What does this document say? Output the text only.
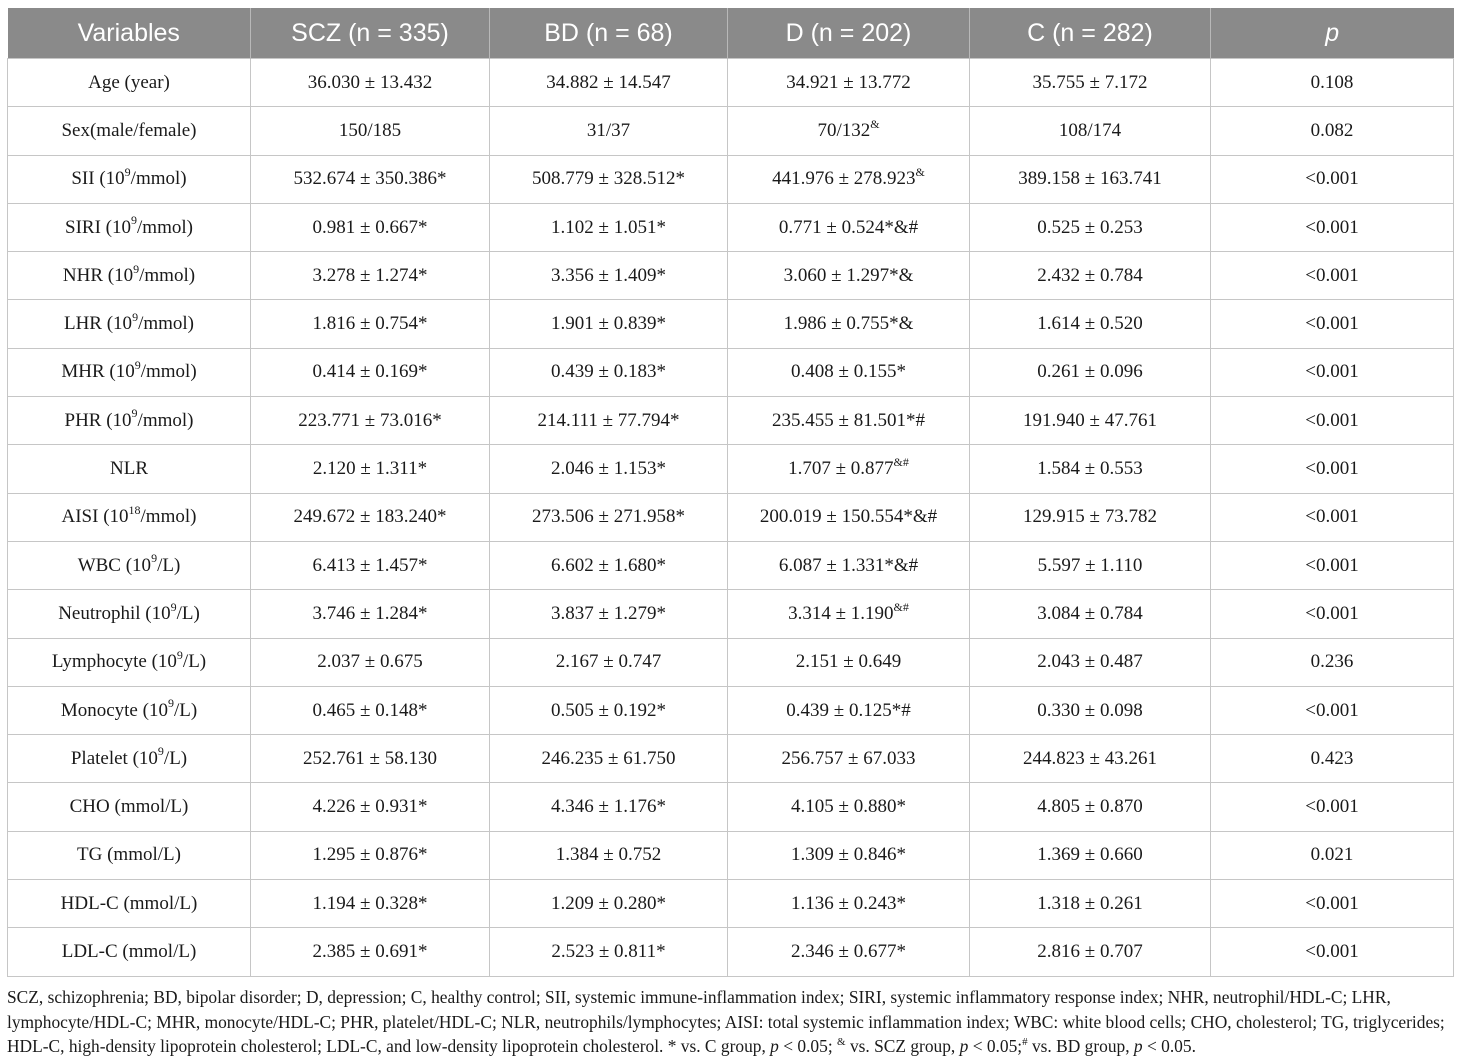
Variables	SCZ (n = 335)	BD (n = 68)	D (n = 202)	C (n = 282)	p
Age (year)	36.030 ± 13.432	34.882 ± 14.547	34.921 ± 13.772	35.755 ± 7.172	0.108
Sex(male/female)	150/185	31/37	70/132&	108/174	0.082
SII $(10^9/mmol)$	532.674 ± 350.386*	508.779 ± 328.512*	441.976 ± 278.923&	389.158 ± 163.741	<0.001
SIRI $(10^9/mmol)$	0.981 ± 0.667*	1.102 ± 1.051*	0.771 ± 0.524*&#	0.525 ± 0.253	<0.001
NHR $(10^9/mmol)$	3.278 ± 1.274*	3.356 ± 1.409*	3.060 ± 1.297*&	2.432 ± 0.784	<0.001
LHR $(10^9/mmol)$	1.816 ± 0.754*	1.901 ± 0.839*	1.986 ± 0.755*&	1.614 ± 0.520	<0.001
MHR $(10^9/mmol)$	0.414 ± 0.169*	0.439 ± 0.183*	0.408 ± 0.155*	0.261 ± 0.096	<0.001
PHR $(10^9/mmol)$	223.771 ± 73.016*	214.111 ± 77.794*	235.455 ± 81.501*#	191.940 ± 47.761	<0.001
NLR	2.120 ± 1.311*	2.046 ± 1.153*	1.707 ± 0.877&#	1.584 ± 0.553	<0.001
AISI $(10^{18}/mmol)$	249.672 ± 183.240*	273.506 ± 271.958*	200.019 ± 150.554*&#	129.915 ± 73.782	<0.001
WBC $(10^9/L)$	6.413 ± 1.457*	6.602 ± 1.680*	6.087 ± 1.331*&#	5.597 ± 1.110	<0.001
Neutrophil $(10^9/L)$	3.746 ± 1.284*	3.837 ± 1.279*	3.314 ± 1.190&#	3.084 ± 0.784	<0.001
Lymphocyte $(10^9/L)$	2.037 ± 0.675	2.167 ± 0.747	2.151 ± 0.649	2.043 ± 0.487	0.236
Monocyte $(10^9/L)$	0.465 ± 0.148*	0.505 ± 0.192*	0.439 ± 0.125*#	0.330 ± 0.098	<0.001
Platelet $(10^9/L)$	252.761 ± 58.130	246.235 ± 61.750	256.757 ± 67.033	244.823 ± 43.261	0.423
CHO (mmol/L)	4.226 ± 0.931*	4.346 ± 1.176*	4.105 ± 0.880*	4.805 ± 0.870	<0.001
TG (mmol/L)	1.295 ± 0.876*	1.384 ± 0.752	1.309 ± 0.846*	1.369 ± 0.660	0.021
HDL-C (mmol/L)	1.194 ± 0.328*	1.209 ± 0.280*	1.136 ± 0.243*	1.318 ± 0.261	<0.001
LDL-C (mmol/L)	2.385 ± 0.691*	2.523 ± 0.811*	2.346 ± 0.677*	2.816 ± 0.707	<0.001
SCZ, schizophrenia; BD, bipolar disorder; D, depression; C, healthy control; SII, systemic immune-inflammation index; SIRI, systemic inflammatory response index; NHR, neutrophil/HDL-C; LHR, lymphocyte/HDL-C; MHR, monocyte/HDL-C; PHR, platelet/HDL-C; NLR, neutrophils/lymphocytes; AISI: total systemic inflammation index; WBC: white blood cells; CHO, cholesterol; TG, triglycerides; HDL-C, high-density lipoprotein cholesterol; LDL-C, and low-density lipoprotein cholesterol. * vs. C group, p < 0.05; & vs. SCZ group, p < 0.05;# vs. BD group, p < 0.05.
